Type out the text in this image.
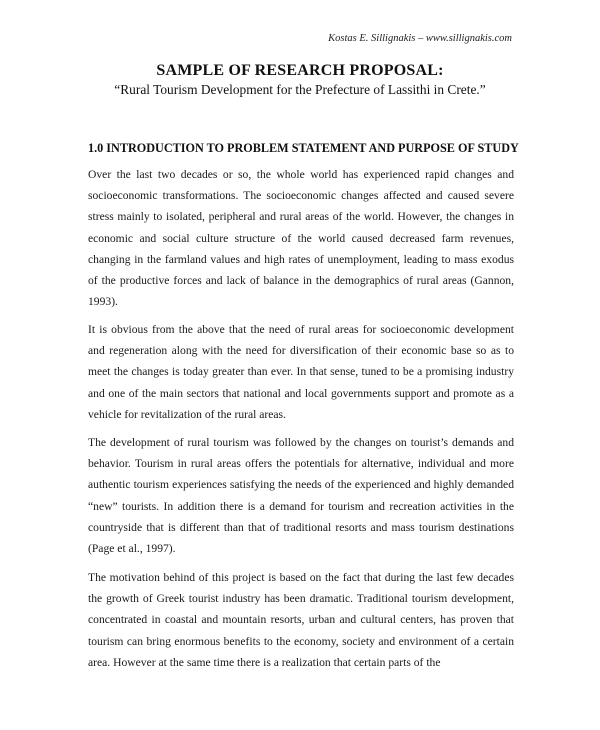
Kostas E. Sillignakis – www.sillignakis.com
SAMPLE OF RESEARCH PROPOSAL:
“Rural Tourism Development for the Prefecture of Lassithi in Crete.”
1.0 INTRODUCTION TO PROBLEM STATEMENT AND PURPOSE OF STUDY

Over the last two decades or so, the whole world has experienced rapid changes and socioeconomic transformations. The socioeconomic changes affected and caused severe stress mainly to isolated, peripheral and rural areas of the world. However, the changes in economic and social culture structure of the world caused decreased farm revenues, changing in the farmland values and high rates of unemployment, leading to mass exodus of the productive forces and lack of balance in the demographics of rural areas (Gannon, 1993).

It is obvious from the above that the need of rural areas for socioeconomic development and regeneration along with the need for diversification of their economic base so as to meet the changes is today greater than ever. In that sense, tuned to be a promising industry and one of the main sectors that national and local governments support and promote as a vehicle for revitalization of the rural areas.

The development of rural tourism was followed by the changes on tourist’s demands and behavior. Tourism in rural areas offers the potentials for alternative, individual and more authentic tourism experiences satisfying the needs of the experienced and highly demanded “new” tourists. In addition there is a demand for tourism and recreation activities in the countryside that is different than that of traditional resorts and mass tourism destinations (Page et al., 1997).

The motivation behind of this project is based on the fact that during the last few decades the growth of Greek tourist industry has been dramatic. Traditional tourism development, concentrated in coastal and mountain resorts, urban and cultural centers, has proven that tourism can bring enormous benefits to the economy, society and environment of a certain area. However at the same time there is a realization that certain parts of the
